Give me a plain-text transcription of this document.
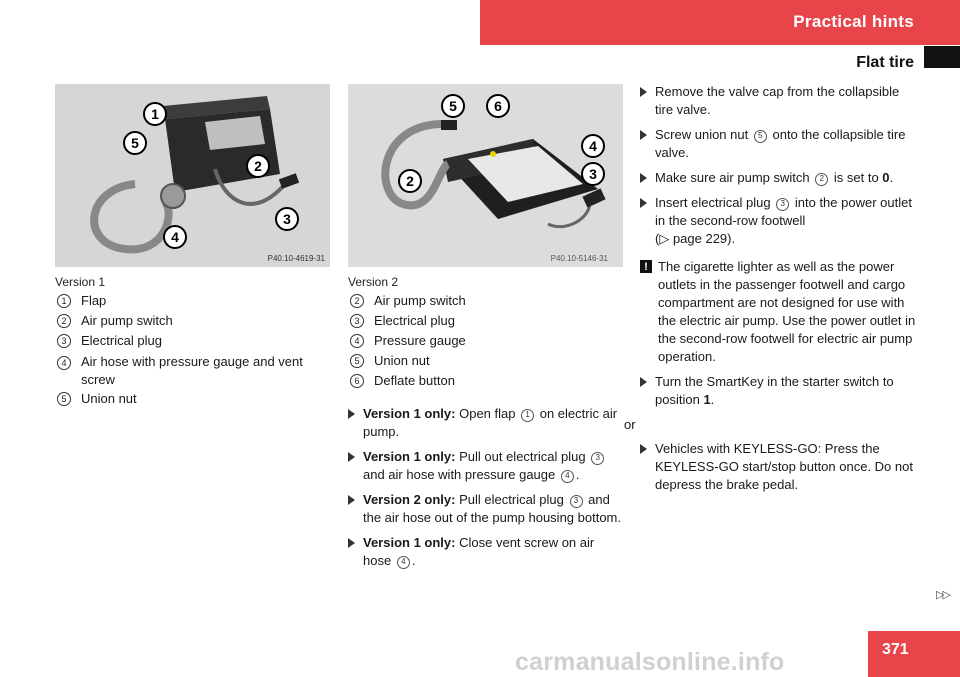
Practical hints
Flat tire
1
5
2
3
4
P40.10-4619-31
5	6
4
3
2
P40.10-5146-31
Version 1	Version 2
1	Flap
2	Air pump switch
3	Electrical plug
4	Air hose with pressure gauge and vent screw
5	Union nut
2	Air pump switch
3	Electrical plug
4	Pressure gauge
5	Union nut
6	Deflate button
Version 1 only: Open flap 1 on electric air pump.
Version 1 only: Pull out electrical plug 3 and air hose with pressure gauge 4 .
Version 2 only: Pull electrical plug 3 and the air hose out of the pump housing bottom.
Version 1 only: Close vent screw on air hose 4 .
Remove the valve cap from the collapsible tire valve.
Screw union nut 5 onto the collapsible tire valve.
Make sure air pump switch 2 is set to 0.
Insert electrical plug 3 into the power outlet in the second-row footwell
(▷ page 229).
! The cigarette lighter as well as the power outlets in the passenger footwell and cargo compartment are not designed for use with the electric air pump. Use the power outlet in the second-row footwell for electric air pump operation.
Turn the SmartKey in the starter switch to position 1.
or
Vehicles with KEYLESS-GO: Press the KEYLESS-GO start/stop button once. Do not depress the brake pedal.
▷▷
carmanualsonline.info	371
